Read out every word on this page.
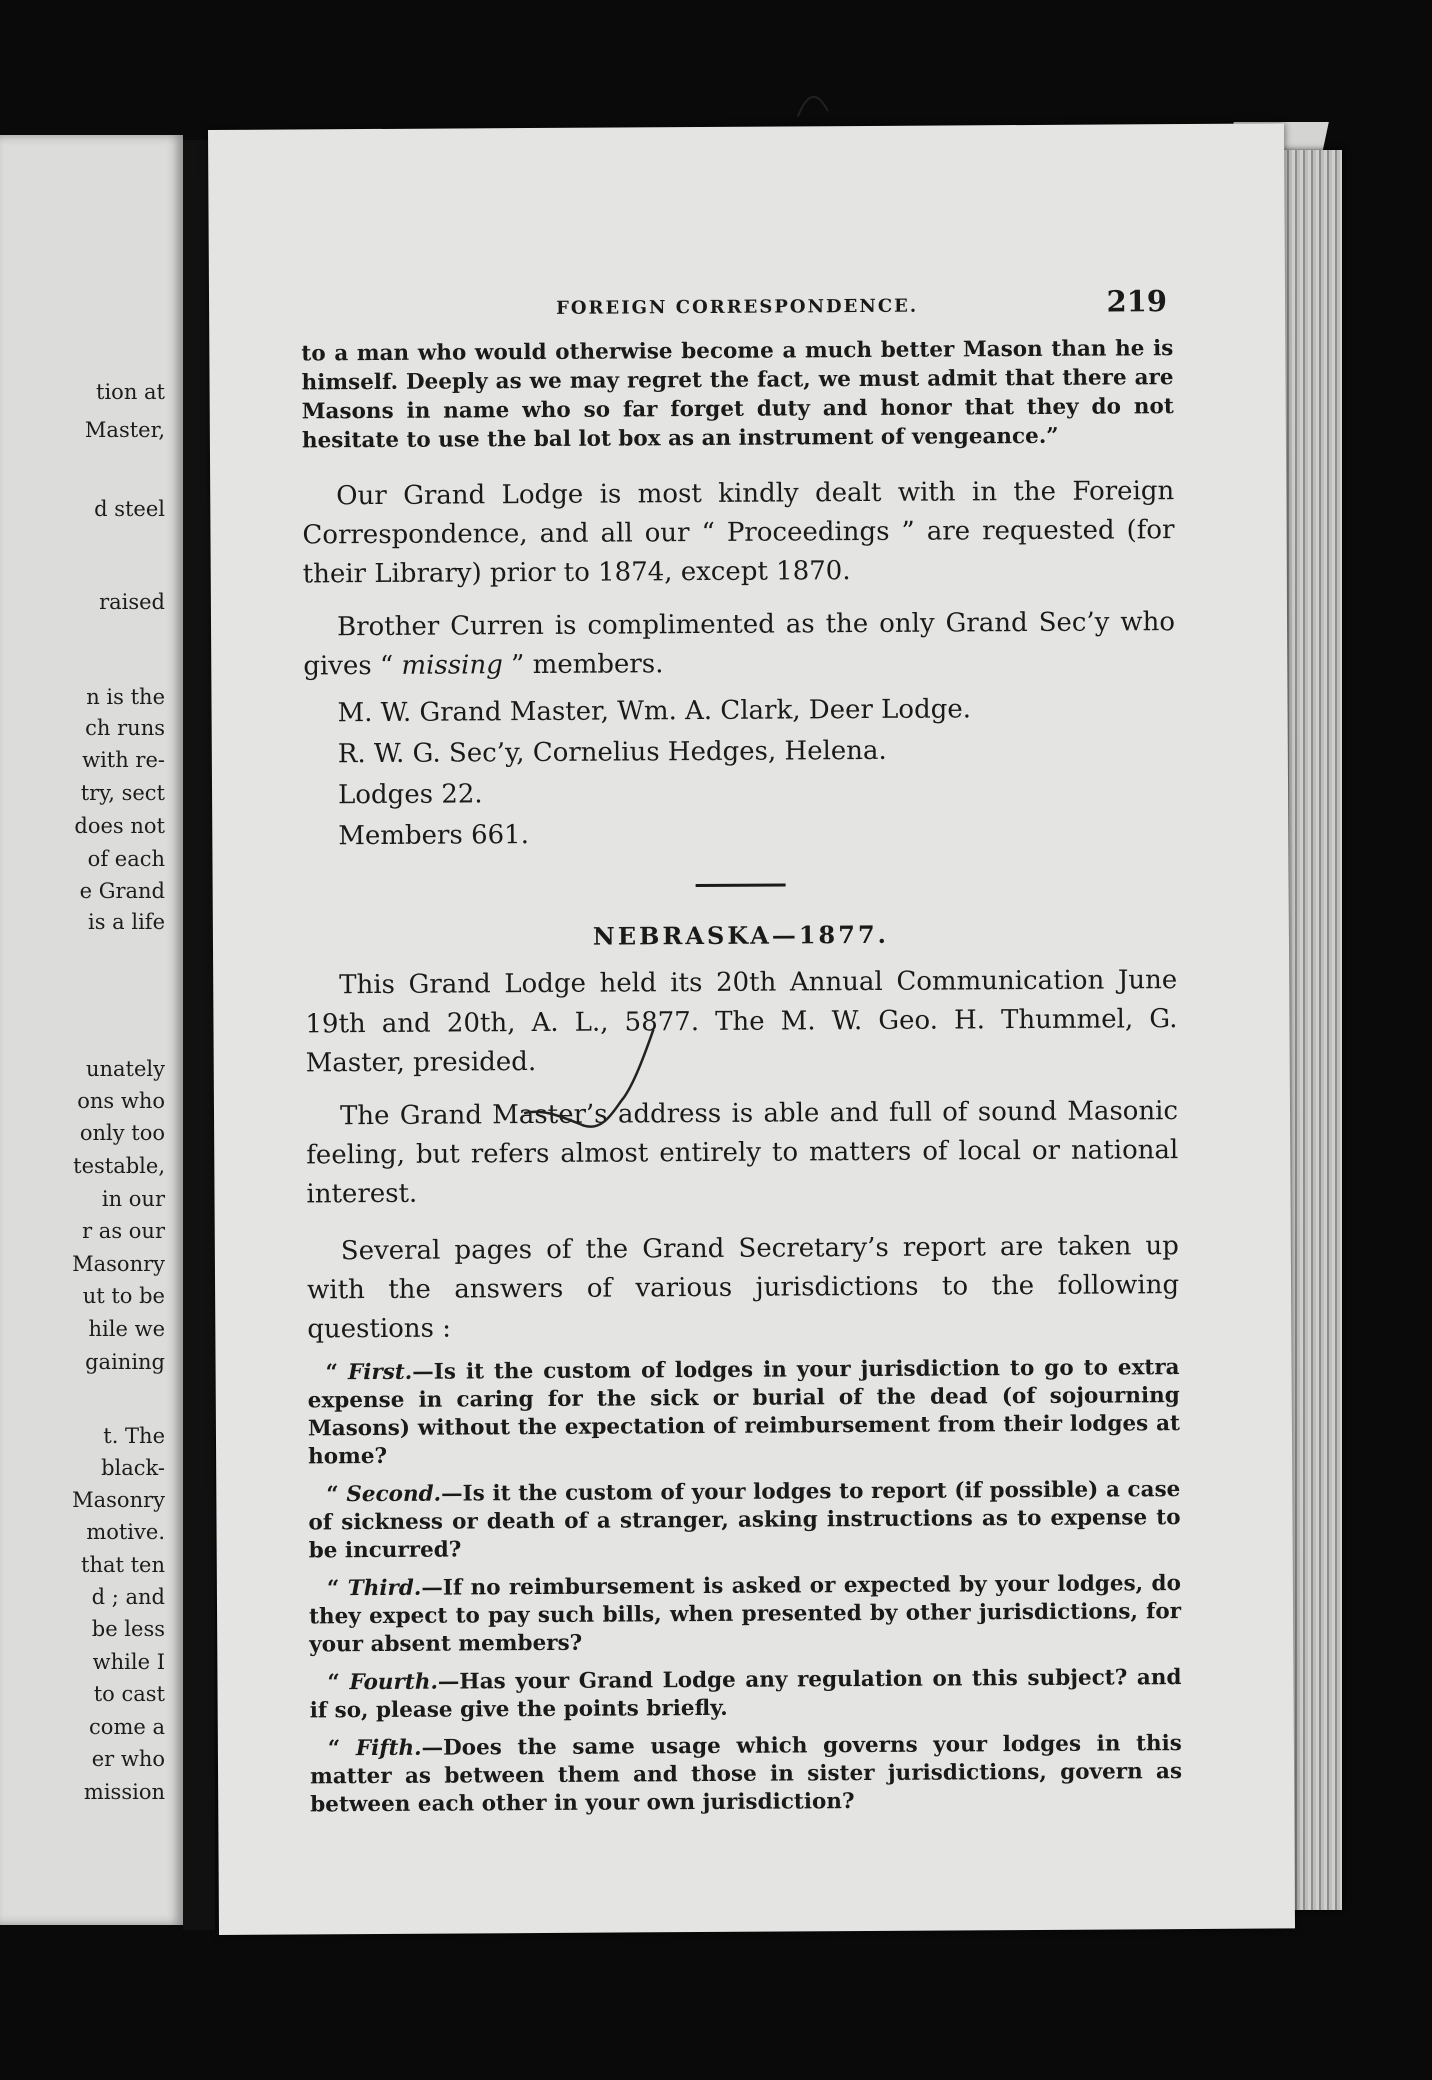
tion at
Master,
d steel
raised
n is the
ch runs
with re-
try, sect
does not
of each
e Grand
is a life
unately
ons who
only too
testable,
in our
r as our
Masonry
ut to be
hile we
gaining
t. The
black-
Masonry
motive.
that ten
d ; and
be less
while I
to cast
come a
er who
mission
FOREIGN CORRESPONDENCE.	219

to a man who would otherwise become a much better Mason than he is himself. Deeply as we may regret the fact, we must admit that there are Masons in name who so far forget duty and honor that they do not hesitate to use the bal lot box as an instrument of vengeance.”

Our Grand Lodge is most kindly dealt with in the Foreign Correspondence, and all our “ Proceedings ” are requested (for their Library) prior to 1874, except 1870.

Brother Curren is complimented as the only Grand Sec’y who gives “ missing ” members.

M. W. Grand Master, Wm. A. Clark, Deer Lodge.
R. W. G. Sec’y, Cornelius Hedges, Helena.
Lodges 22.
Members 661.
NEBRASKA—1877.

This Grand Lodge held its 20th Annual Communication June 19th and 20th, A. L., 5877. The M. W. Geo. H. Thummel, G. Master, presided.

The Grand Master’s address is able and full of sound Masonic feeling, but refers almost entirely to matters of local or national interest.

Several pages of the Grand Secretary’s report are taken up with the answers of various jurisdictions to the following questions :

“ First.—Is it the custom of lodges in your jurisdiction to go to extra expense in caring for the sick or burial of the dead (of sojourning Masons) without the expectation of reimbursement from their lodges at home?

“ Second.—Is it the custom of your lodges to report (if possible) a case of sickness or death of a stranger, asking instructions as to expense to be incurred?

“ Third.—If no reimbursement is asked or expected by your lodges, do they expect to pay such bills, when presented by other jurisdictions, for your absent members?

“ Fourth.—Has your Grand Lodge any regulation on this subject? and if so, please give the points briefly.

“ Fifth.—Does the same usage which governs your lodges in this matter as between them and those in sister jurisdictions, govern as between each other in your own jurisdiction?
